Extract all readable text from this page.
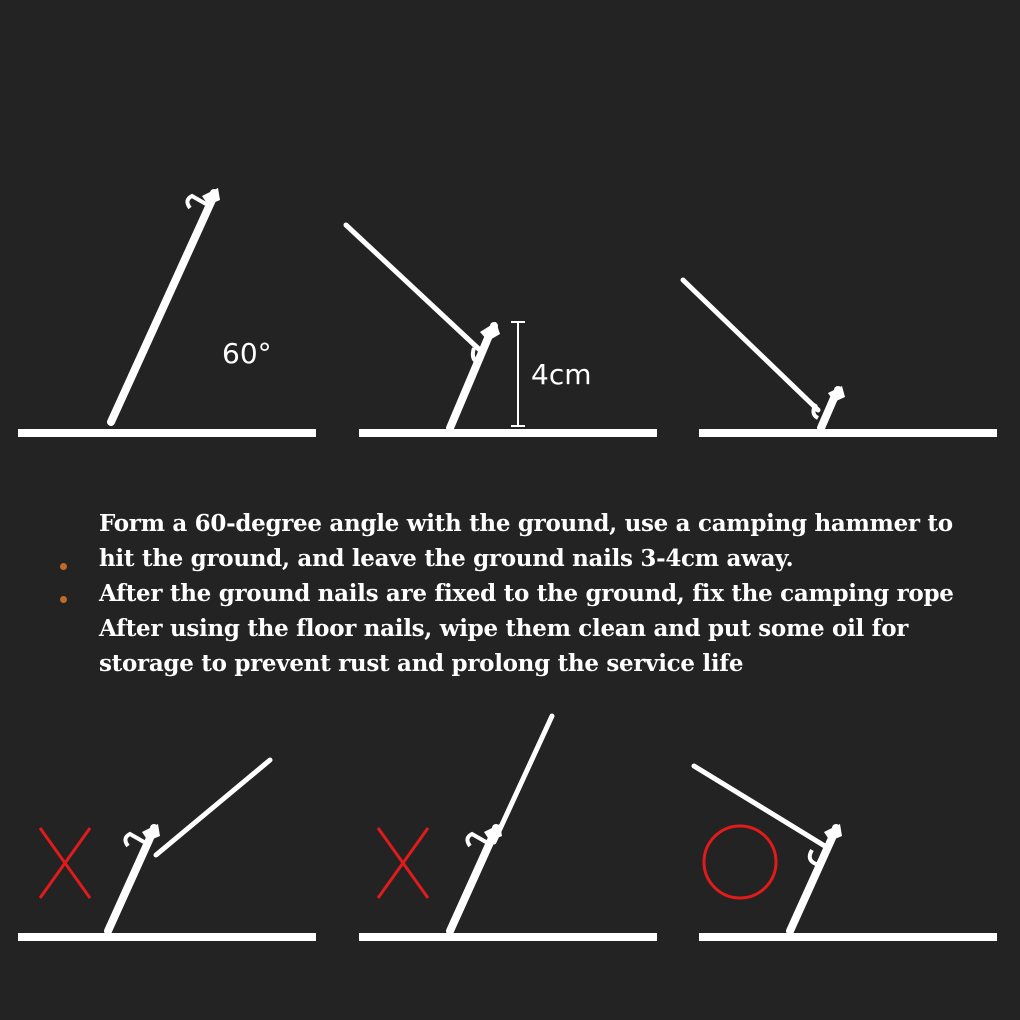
60°
4cm

Form a 60-degree angle with the ground, use a camping hammer to hit the ground, and leave the ground nails 3-4cm away.

After the ground nails are fixed to the ground, fix the camping rope

After using the floor nails, wipe them clean and put some oil for storage to prevent rust and prolong the service life
